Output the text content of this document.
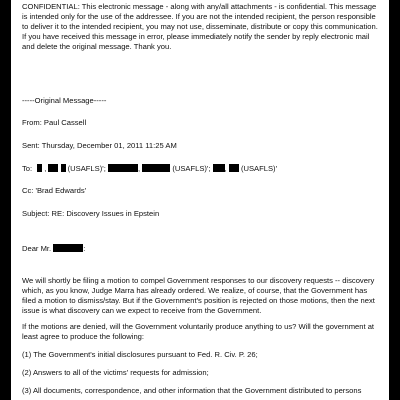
CONFIDENTIAL: This electronic message - along with any/all attachments - is confidential. This message is intended only for the use of the addressee. If you are not the intended recipient, the person responsible to deliver it to the intended recipient, you may not use, disseminate, distribute or copy this communication. If you have received this message in error, please immediately notify the sender by reply electronic mail and delete the original message. Thank you.

-----Original Message-----

From: Paul Cassell

Sent: Thursday, December 01, 2011 11:25 AM

To: ,	(USAFLS)';	,	(USAFLS)'; , (USAFLS)'

Cc: 'Brad Edwards'

Subject: RE: Discovery Issues in Epstein

Dear Mr.	:

We will shortly be filing a motion to compel Government responses to our discovery requests -- discovery which, as you know, Judge Marra has already ordered. We realize, of course, that the Government has filed a motion to dismiss/stay. But if the Government's position is rejected on those motions, then the next issue is what discovery can we expect to receive from the Government.

If the motions are denied, will the Government voluntarily produce anything to us? Will the government at least agree to produce the following:

(1) The Government's initial disclosures pursuant to Fed. R. Civ. P. 26;

(2) Answers to all of the victims' requests for admission;

(3) All documents, correspondence, and other information that the Government distributed to persons
